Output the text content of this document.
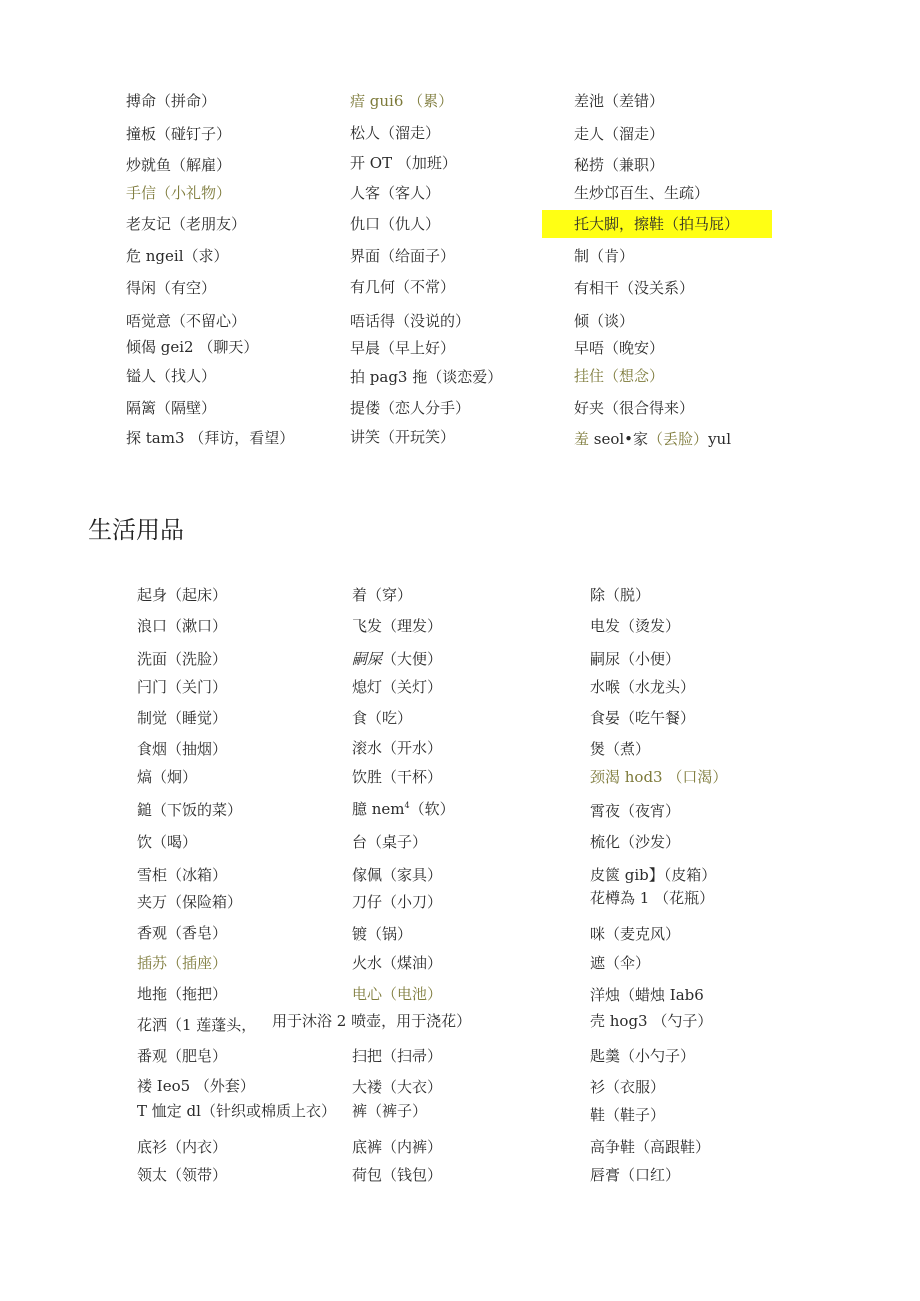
搏命（拼命）
撞板（碰钉子）
炒就鱼（解雇）
手信（小礼物）
老友记（老朋友）
危 ngeil（求）
得闲（有空）
唔觉意（不留心）
倾偈 gei2 （聊天）
镒人（找人）
隔篱（隔壁）
探 tam3 （拜访，看望）
瘖 gui6 （累）
松人（溜走）
开 OT （加班）
人客（客人）
仇口（仇人）
界面（给面子）
有几何（不常）
唔话得（没说的）
早晨（早上好）
拍 pag3 拖（谈恋爱）
提偻（恋人分手）
讲笑（开玩笑）
差池（差错）
走人（溜走）
秘捞（兼职）
生炒邙百生、生疏）
托大脚，擦鞋（拍马屁）
制（肯）
有相干（没关系）
倾（谈）
早唔（晚安）
挂住（想念）
好夹（很合得来）
羞 seol•家（丢脸）yul
生活用品
起身（起床）
浪口（漱口）
洗面（洗脸）
闩门（关门）
制觉（睡觉）
食烟（抽烟）
熇（炯）
鎚（下饭的菜）
饮（喝）
雪柜（冰箱）
夹万（保险箱）
香观（香皂）
插苏（插座）
地拖（拖把）
花洒（1 莲蓬头，
番观（肥皂）
褛 Ieo5 （外套）
T 恤定 dl（针织或棉质上衣）
底衫（内衣）
领太（领带）
着（穿）
飞发（理发）
嗣屎（大便）
熄灯（关灯）
食（吃）
滚水（开水）
饮胜（干杯）
臆 nem$^4$（软）
台（桌子）
傢佩（家具）
刀仔（小刀）
镀（锅）
火水（煤油）
电心（电池）
用于沐浴 2 喷壶，用于浇花）
扫把（扫帚）
大褛（大衣）
裤（裤子）
底裤（内裤）
荷包（钱包）
除（脱）
电发（烫发）
嗣尿（小便）
水喉（水龙头）
食晏（吃午餐）
煲（煮）
颈渴 hod3 （口渴）
霄夜（夜宵）
梳化（沙发）
皮篋 gib】（皮箱）
花樽為 1 （花瓶）
咪（麦克风）
遮（伞）
洋烛（蜡烛 Iab6
壳 hog3 （勺子）
匙羹（小勺子）
衫（衣服）
鞋（鞋子）
高争鞋（高跟鞋）
唇膏（口红）
